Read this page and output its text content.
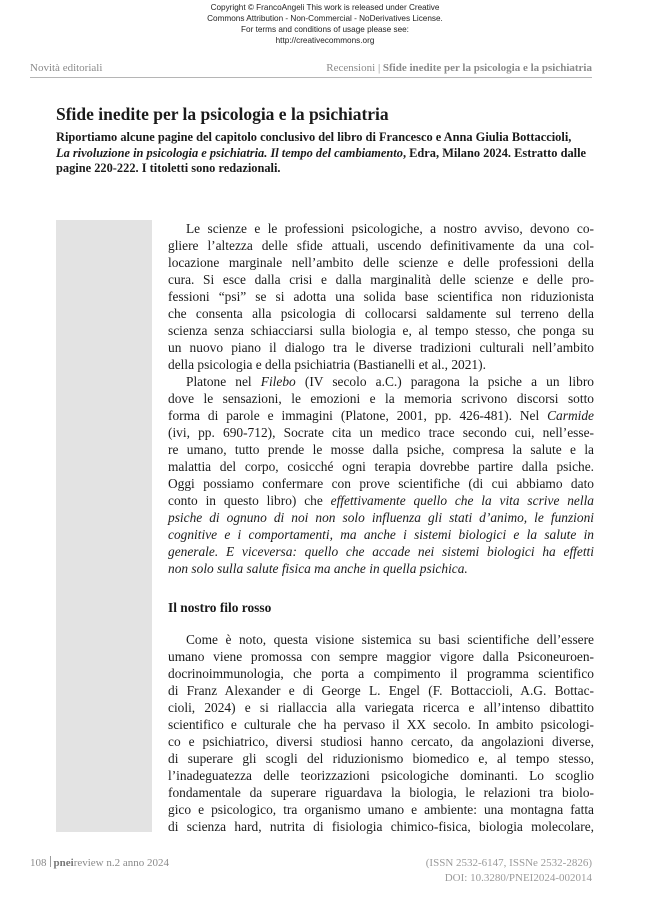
Copyright © FrancoAngeli This work is released under Creative
Commons Attribution - Non-Commercial - NoDerivatives License.
For terms and conditions of usage please see:
http://creativecommons.org
Novità editoriali	Recensioni | Sfide inedite per la psicologia e la psichiatria
Sfide inedite per la psicologia e la psichiatria
Riportiamo alcune pagine del capitolo conclusivo del libro di Francesco e Anna Giulia Bottaccioli,
La rivoluzione in psicologia e psichiatria. Il tempo del cambiamento, Edra, Milano 2024. Estratto dalle
pagine 220-222. I titoletti sono redazionali.
Le scienze e le professioni psicologiche, a nostro avviso, devono co-
gliere l’altezza delle sfide attuali, uscendo definitivamente da una col-
locazione marginale nell’ambito delle scienze e delle professioni della
cura. Si esce dalla crisi e dalla marginalità delle scienze e delle pro-
fessioni “psi” se si adotta una solida base scientifica non riduzionista
che consenta alla psicologia di collocarsi saldamente sul terreno della
scienza senza schiacciarsi sulla biologia e, al tempo stesso, che ponga su
un nuovo piano il dialogo tra le diverse tradizioni culturali nell’ambito
della psicologia e della psichiatria (Bastianelli et al., 2021).
Platone nel Filebo (IV secolo a.C.) paragona la psiche a un libro
dove le sensazioni, le emozioni e la memoria scrivono discorsi sotto
forma di parole e immagini (Platone, 2001, pp. 426-481). Nel Carmide
(ivi, pp. 690-712), Socrate cita un medico trace secondo cui, nell’esse-
re umano, tutto prende le mosse dalla psiche, compresa la salute e la
malattia del corpo, cosicché ogni terapia dovrebbe partire dalla psiche.
Oggi possiamo confermare con prove scientifiche (di cui abbiamo dato
conto in questo libro) che effettivamente quello che la vita scrive nella
psiche di ognuno di noi non solo influenza gli stati d’animo, le funzioni
cognitive e i comportamenti, ma anche i sistemi biologici e la salute in
generale. E viceversa: quello che accade nei sistemi biologici ha effetti
non solo sulla salute fisica ma anche in quella psichica.
Il nostro filo rosso
Come è noto, questa visione sistemica su basi scientifiche dell’essere
umano viene promossa con sempre maggior vigore dalla Psiconeuroen-
docrinoimmunologia, che porta a compimento il programma scientifico
di Franz Alexander e di George L. Engel (F. Bottaccioli, A.G. Bottac-
cioli, 2024) e si riallaccia alla variegata ricerca e all’intenso dibattito
scientifico e culturale che ha pervaso il XX secolo. In ambito psicologi-
co e psichiatrico, diversi studiosi hanno cercato, da angolazioni diverse,
di superare gli scogli del riduzionismo biomedico e, al tempo stesso,
l’inadeguatezza delle teorizzazioni psicologiche dominanti. Lo scoglio
fondamentale da superare riguardava la biologia, le relazioni tra biolo-
gico e psicologico, tra organismo umano e ambiente: una montagna fatta
di scienza hard, nutrita di fisiologia chimico-fisica, biologia molecolare,
108 pneireview n.2 anno 2024	(ISSN 2532-6147, ISSNe 2532-2826)
DOI: 10.3280/PNEI2024-002014
